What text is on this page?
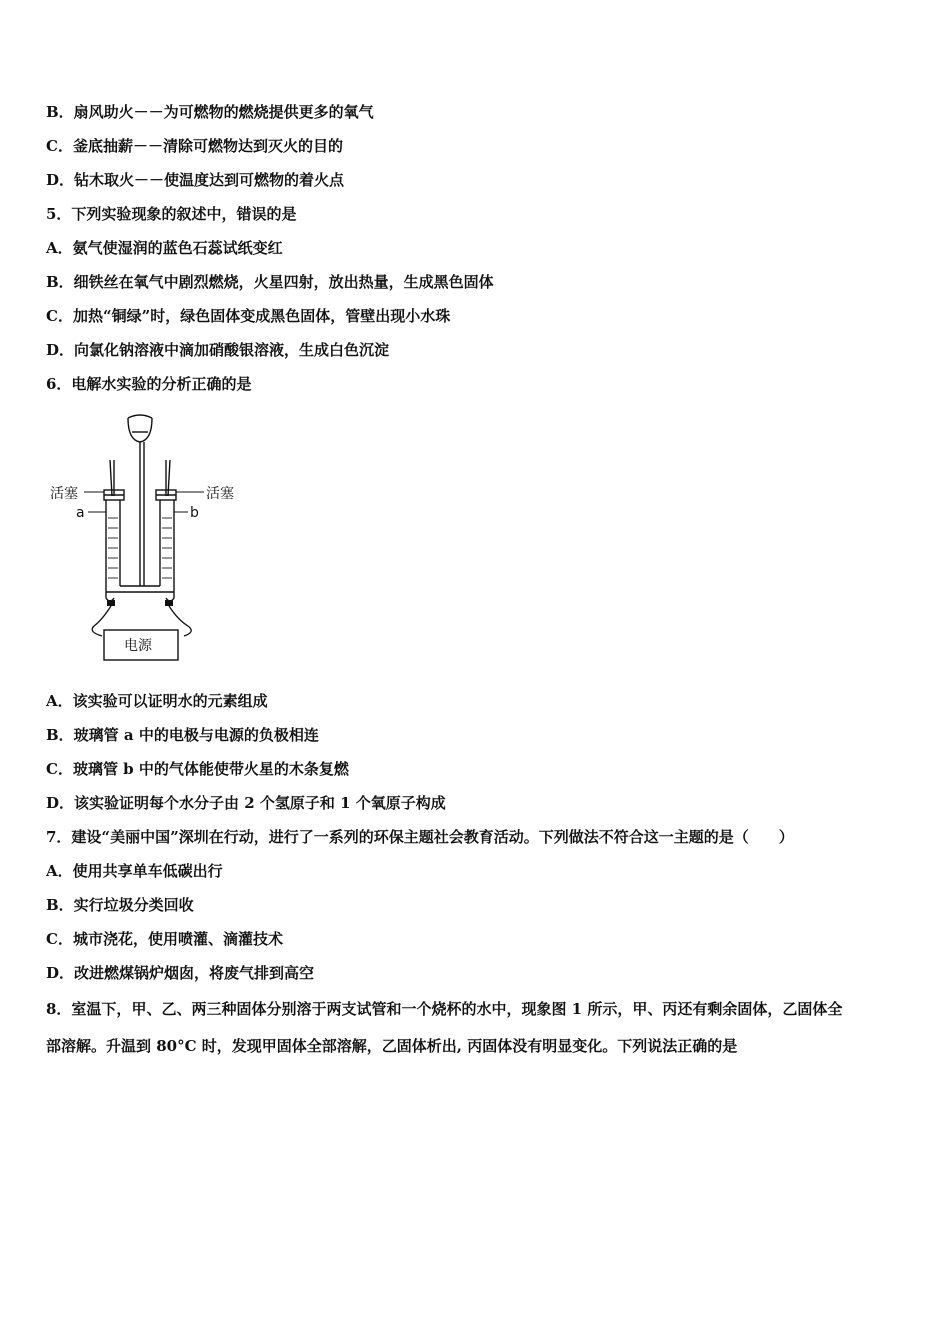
B．扇风助火－－为可燃物的燃烧提供更多的氧气
C．釜底抽薪－－清除可燃物达到灭火的目的
D．钻木取火－－使温度达到可燃物的着火点
5．下列实验现象的叙述中，错误的是
A．氨气使湿润的蓝色石蕊试纸变红
B．细铁丝在氧气中剧烈燃烧，火星四射，放出热量，生成黑色固体
C．加热“铜绿”时，绿色固体变成黑色固体，管壁出现小水珠
D．向氯化钠溶液中滴加硝酸银溶液，生成白色沉淀
6．电解水实验的分析正确的是
电源
活塞	活塞
a	b
A．该实验可以证明水的元素组成
B．玻璃管 a 中的电极与电源的负极相连
C．玻璃管 b 中的气体能使带火星的木条复燃
D．该实验证明每个水分子由 2 个氢原子和 1 个氧原子构成
7．建设“美丽中国”深圳在行动，进行了一系列的环保主题社会教育活动。下列做法不符合这一主题的是（　　）
A．使用共享单车低碳出行
B．实行垃圾分类回收
C．城市浇花，使用喷灌、滴灌技术
D．改进燃煤锅炉烟囱，将废气排到高空
8．室温下，甲、乙、两三种固体分别溶于两支试管和一个烧杯的水中，现象图 1 所示，甲、丙还有剩余固体，乙固体全
部溶解。升温到 80°C 时，发现甲固体全部溶解，乙固体析出, 丙固体没有明显变化。下列说法正确的是
